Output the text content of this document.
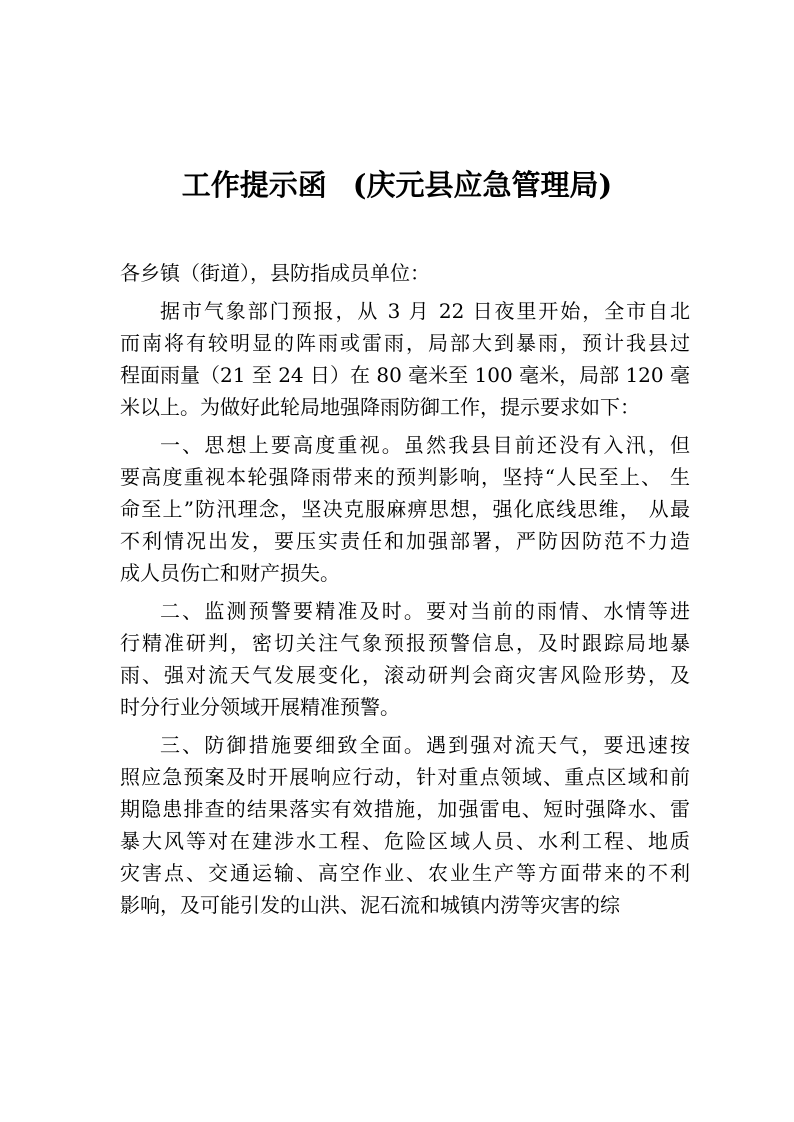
工作提示函 (庆元县应急管理局)
各乡镇（街道），县防指成员单位：
据市气象部门预报，从 3 月 22 日夜里开始，全市自北
而南将有较明显的阵雨或雷雨，局部大到暴雨，预计我县过
程面雨量（21 至 24 日）在 80 毫米至 100 毫米，局部 120 毫
米以上。为做好此轮局地强降雨防御工作，提示要求如下：
一、思想上要高度重视。虽然我县目前还没有入汛，但
要高度重视本轮强降雨带来的预判影响，坚持“人民至上、 生
命至上”防汛理念，坚决克服麻痹思想，强化底线思维， 从最
不利情况出发，要压实责任和加强部署，严防因防范不力造
成人员伤亡和财产损失。
二、监测预警要精准及时。要对当前的雨情、水情等进
行精准研判，密切关注气象预报预警信息，及时跟踪局地暴
雨、强对流天气发展变化，滚动研判会商灾害风险形势，及
时分行业分领域开展精准预警。
三、防御措施要细致全面。遇到强对流天气，要迅速按
照应急预案及时开展响应行动，针对重点领域、重点区域和前
期隐患排查的结果落实有效措施，加强雷电、短时强降水、雷
暴大风等对在建涉水工程、危险区域人员、水利工程、地质
灾害点、交通运输、高空作业、农业生产等方面带来的不利
影响，及可能引发的山洪、泥石流和城镇内涝等灾害的综
